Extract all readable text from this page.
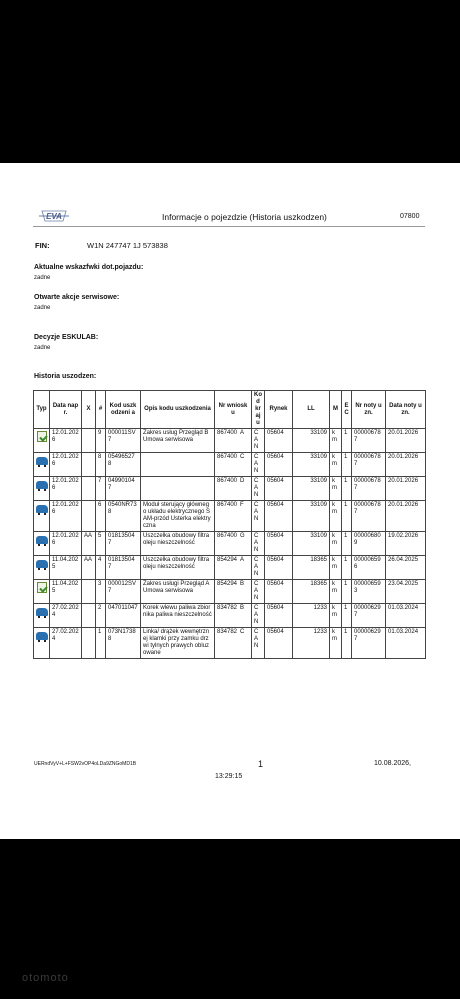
EVA	Informacje o pojezdzie (Historia uszkodzen)	07800
FIN:	W1N 247747 1J 573838
Aktualne wskazfwki dot.pojazdu:
zadne
Otwarte akcje serwisowe:
zadne
Decyzje ESKULAB:
zadne
Historia uszodzen:
Typ	Data napr.	X	#	Kod uszkodzeni a	Opis kodu uszkodzenia	Nr wniosku	Kod kraj u	Rynek	LL	M	E C	Nr noty uzn.	Data noty uzn.
	12.01.202 6		9	000011SV 7	Zakres usług Przegląd B Umowa serwisowa	867400 A	CA N	05604	33109	km	1	00000678 7	20.01.2026
	12.01.202 6		8	054965278		867400 C	CA N	05604	33109	km	1	00000678 7	20.01.2026
	12.01.202 6		7	049901047		867400 D	CA N	05604	33109	km	1	00000678 7	20.01.2026
	12.01.202 6		6	0540NR73 8	Moduł sterujący głównego układu elektrycznego SAM-przód Usterka elektryczna	867400 F	CA N	05604	33109	km	1	00000678 7	20.01.2026
	12.01.202 6	AA	5	018135047	Uszczelka obudowy filtra oleju nieszczelność	867400 G	CA N	05604	33109	km	1	00000680 9	19.02.2026
	11.04.202 5	AA	4	018135047	Uszczelka obudowy filtra oleju nieszczelność	854294 A	CA N	05604	18365	km	1	00000659 6	26.04.2025
	11.04.202 5		3	000012SV 7	Zakres usługi Przegląd A Umowa serwisowa	854294 B	CA N	05604	18365	km	1	00000659 3	23.04.2025
	27.02.202 4		2	047011047	Korek wlewu paliwa zbiornika paliwa nieszczelność	834782 B	CA N	05604	1233	km	1	00000629 7	01.03.2024
	27.02.202 4		1	073N1738 8	Linka/ drążek wewnętrznej klamki przy zamku drzwi tylnych prawych obluzowane	834782 C	CA N	05604	1233	km	1	00000629 7	01.03.2024
UERndVyV+L+FSW2vOP4oLDa9ZNGoMD1B	1	10.08.2026,
13:29:15
otomoto
